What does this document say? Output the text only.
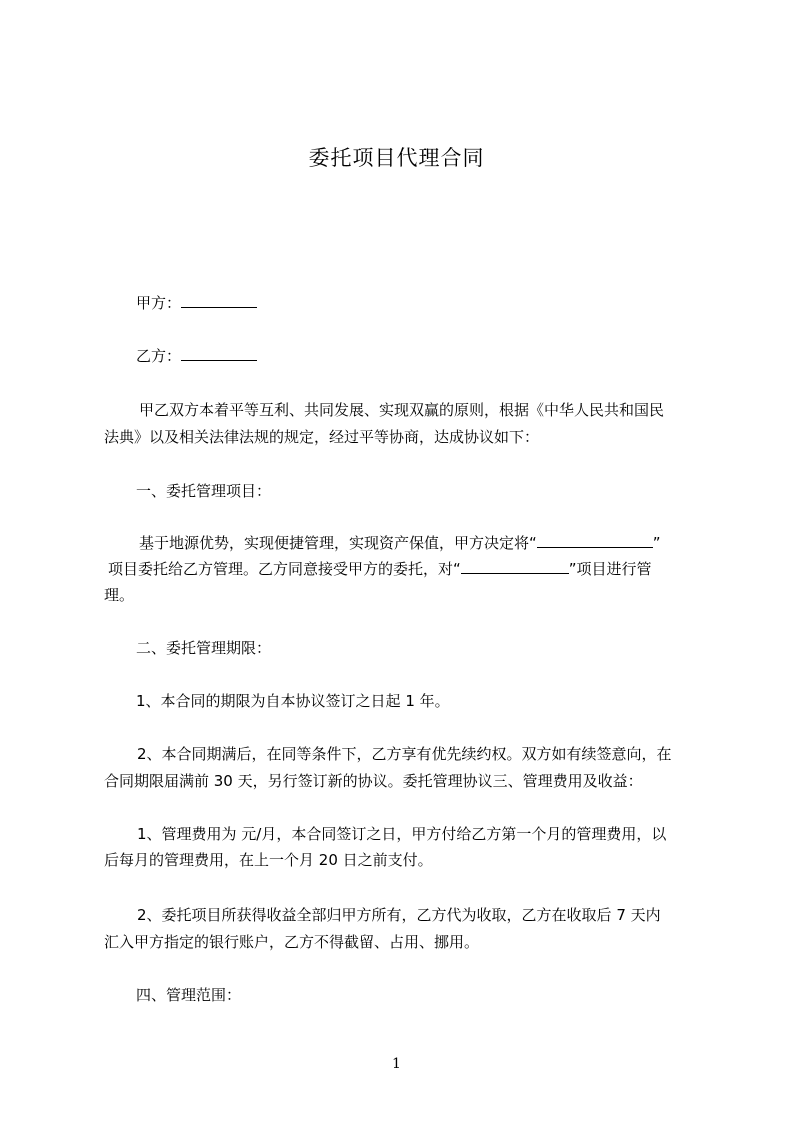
委托项目代理合同
甲方：
乙方：
甲乙双方本着平等互利、共同发展、实现双赢的原则，根据《中华人民共和国民
法典》以及相关法律法规的规定，经过平等协商，达成协议如下：
一、委托管理项目：
基于地源优势，实现便捷管理，实现资产保值，甲方决定将“	”
项目委托给乙方管理。乙方同意接受甲方的委托，对“	”项目进行管
理。
二、委托管理期限：
1、本合同的期限为自本协议签订之日起 1 年。
2、本合同期满后，在同等条件下，乙方享有优先续约权。双方如有续签意向，在
合同期限届满前 30 天，另行签订新的协议。委托管理协议三、管理费用及收益：
1、管理费用为 元/月，本合同签订之日，甲方付给乙方第一个月的管理费用，以
后每月的管理费用，在上一个月 20 日之前支付。
2、委托项目所获得收益全部归甲方所有，乙方代为收取，乙方在收取后 7 天内
汇入甲方指定的银行账户，乙方不得截留、占用、挪用。
四、管理范围：
1
